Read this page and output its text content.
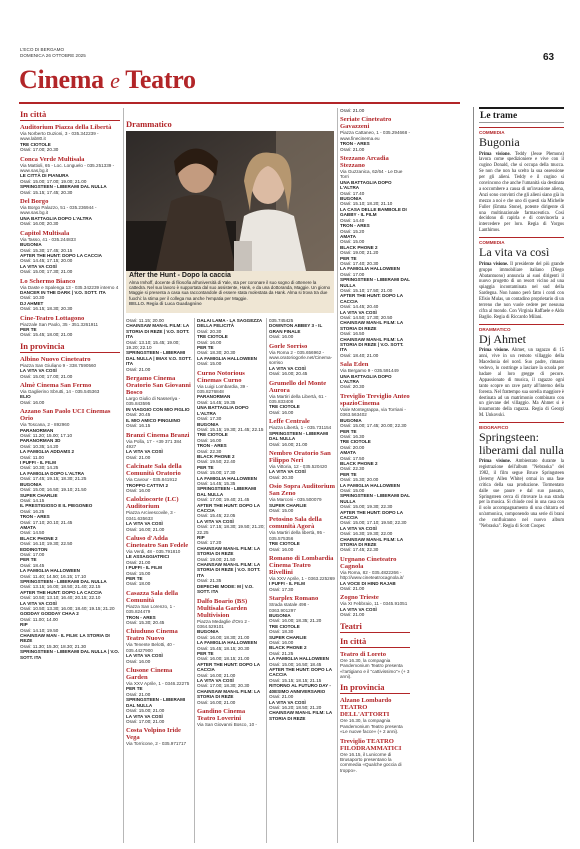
L'ECO DI BERGAMO
DOMENICA 26 OTTOBRE 2025	63
Cinema e Teatro
In città
Auditorium Piazza della Libertà
Via Norberto Duzioni, 3 - 035.342239 - www.lab80.it
TRE CIOTOLE
Orari: 17.00; 20.30
Conca Verde Multisala
Via Mattioli, 65 - Loc. Longuelo - 035.251339 - www.sas.bg.it
LE CITTÀ DI PIANURA
Orari: 15.00; 17.00; 19.00; 21.00
SPRINGSTEEN - LIBERAMI DAL NULLA
Orari: 15.15; 17.45; 20.30
Del Borgo
Via Borgo Palazzo, 51 - 035.236944 - www.sas.bg.it
UNA BATTAGLIA DOPO L'ALTRA
Orari: 16.00; 20.30
Capitol Multisala
Via Tasso, 41 - 035.244833
BUGONIA
Orari: 15.30; 17.45; 20.15
AFTER THE HUNT: DOPO LA CACCIA
Orari: 14.45; 17.15; 20.00
LA VITA VA COSÌ
Orari: 15.00; 17.30; 21.00
Lo Schermo Bianco
Via Daste e Spalenga 13 - 035.342239 interno 4
DANCER IN THE DARK | V.O. SOTT. ITA
Orari: 10.30
DJ AHMET
Orari: 16.15; 18.30; 20.30
Cine-Teatro Lottagono
Piazzale San Paolo, 35 - 351.3261911
PER TE
Orari: 15.45; 18.00; 21.00
In provincia
Albino Nuovo Cineteatro
Piazza San Giuliano 9 - 338.7590560
LA VITA VA COSÌ
Orari: 15.00; 17.00; 21.00
Almè Cinema San Fermo
Via Gaglierino Sbrutti, 14 - 035.545363
ELIO
Orari: 16.00
Azzano San Paolo UCI Cinemas Orio
Via Toscana, 2 - 892960
PARANORMAN
Orari: 11.20; 15.00; 17.10
PARANORMAN 3D
Orari: 10.35; 14.20
LA FAMIGLIA ADDAMS 2
Orari: 11.00
I PUFFI - IL FILM
Orari: 10.30; 14.25
LA FAMIGLIA DOPO L'ALTRA
Orari: 17.45; 19.15; 18.30; 21.25
BUGONIA
Orari: 15.00; 16.50; 19.10; 21.50
SUPER CHARLIE
Orari: 14.15
IL PRESTIGIOSO E IL PIEGONEO
Orari: 16.25
TRON - ARES
Orari: 17.10; 20.10; 21.45
AMATA
Orari: 14.50
BLACK PHONE 2
Orari: 16.10; 19.30; 22.50
EDDINGTON
Orari: 17.00
PER TE
Orari: 18.45
LA FAMIGLIA HALLOWEEN
Orari: 11.40; 14.50; 16.15; 17.10
SPRINGSTEEN - LIBERAMI DAL NULLA
Orari: 13.15; 16.00; 18.50; 21.40; 22.15
AFTER THE HUNT: DOPO LA CACCIA
Orari: 10.50; 13.10; 16.40; 20.15; 22.10
LA VITA VA COSÌ
Orari: 10.50; 13.30; 16.00; 18.40; 19.15; 21.20
GODDAY GODDAY CHAA 2
Orari: 11.00; 14.00
RIP
Orari: 14.10; 19.50
CHAINSAW MAN - IL FILM: LA STORIA DI REZE
Orari: 11.30; 15.30; 18.30; 21.30
SPRINGSTEEN - LIBERAMI DAL NULLA | V.O. SOTT. ITA
Drammatico
After the Hunt - Dopo la caccia
Alma Imhoff, docente di filosofia all'università di Yale, sta per coronare il suo sogno di ottenere la cattedra. Nel suo lavoro è supportata dal suo assistente, Hank, e da una dottoranda, Maggie. Un giorno Maggie si presenta a casa sua raccontandole di essere stata molestata da Hank. Alma si trova tra due fuochi: la stima per il collega ma anche l'empatia per Maggie.
BELLO. Regia di Luca Guadagnino
Orari: 11.15; 20.00
CHAINSAW MAN-IL FILM: LA STORIA DI REZE | V.O. SOTT. ITA
Orari: 13.10; 15.45; 19.00; 19.20; 22.10
SPRINGSTEEN - LIBERAMI DAL NULLA | IMAX V.O. SOTT. ITA
Orari: 21.00
Bergamo Cinema Oratorio San Giovanni Bosco
Largo Giulio di Nasseriya - 035.843595
IN VIAGGIO CON MIO FIGLIO
Orari: 20.45
IL MIO AMICO PINGUINO
Orari: 16.15
Branzi Cinema Branzi
Via Polla, 17 - +39 371 384 4927
LA VITA VA COSÌ
Orari: 21.00
Calcinate Sala della Comunità Oratorio
Via Cavour - 035.841912
TROPPO CATTIVI 2
Orari: 16.00
Calolziocorte (LC) Auditorium
Piazza Arcivescovile, 3 - 0341.635633
LA VITA VA COSÌ
Orari: 16.00; 21.00
Caluso d'Adda Cineteatro San Fedele
Via Verdi, 48 - 035.791810
LE ASSAGGIATRICI
Orari: 21.00
I PUFFI - IL FILM
Orari: 15.00
PER TE
Orari: 18.00
Casazza Sala della Comunità
Piazza San Lorenzo, 1 - 035.824479
TRON - ARES
Orari: 15.30; 20.45
Chiuduno Cinema Teatro Nuovo
Via Tenente Belotti, 40 - 035.4427900
LA VITA VA COSÌ
Orari: 16.00
Clusone Cinema Garden
Via XXV Aprile, 1 - 0346.22275
PER TE
Orari: 21.00
SPRINGSTEEN - LIBERAMI DAL NULLA
Orari: 15.00; 21.00
LA VITA VA COSÌ
Orari: 17.00; 21.00
Costa Volpino Iride Vega
Via Torricone, 2 - 035.971717
DALAI LAMA - LA SAGGEZZA DELLA FELICITÀ
Orari: 20.30
TRE CIOTOLE
Orari: 16.00
PER TE
Orari: 18.30; 20.30
LA FAMIGLIA HALLOWEEN
Orari: 15.00
Curno Notorious Cinemas Curno
Via Luigi Lombardia, 39 - 035.8276848
PARANORMAN
Orari: 14.45; 19.35
UNA BATTAGLIA DOPO L'ALTRA
Orari: 17.30
BUGONIA
Orari: 15.15; 19.30; 21.45; 22.15
TRE CIOTOLE
Orari: 16.00
TRON - ARES
Orari: 22.30
BLACK PHONE 2
Orari: 19.50; 22.40
PER TE
Orari: 15.00; 17.30
LA FAMIGLIA HALLOWEEN
Orari: 14.45; 15.35
SPRINGSTEEN - LIBERAMI DAL NULLA
Orari: 17.00; 19.40; 21.45
AFTER THE HUNT: DOPO LA CACCIA
Orari: 15.45; 22.05
LA VITA VA COSÌ
Orari: 17.15; 18.30; 19.50; 21.20; 22.25
RIP
Orari: 17.20
CHAINSAW MAN-IL FILM: LA STORIA DI REZE
Orari: 19.00; 21.50
CHAINSAW MAN-IL FILM: LA STORIA DI REZE | V.O. SOTT. ITA
Orari: 21.35
DEPECHE MODE: M | V.O. SOTT. ITA
Dalfo Boario (BS) Multisala Garden Multivision
Piazza Medaglie d'Oro 2 - 0364.529101
BUGONIA
Orari: 16.00; 18.30; 21.00
LA FAMIGLIA HALLOWEEN
Orari: 15.45; 18.15; 20.30
PER TE
Orari: 16.00; 18.15; 21.00
AFTER THE HUNT: DOPO LA CACCIA
Orari: 16.00; 21.00
LA VITA VA COSÌ
Orari: 17.00; 18.30; 20.30
CHAINSAW MAN-IL FILM: LA STORIA DI REZE
Orari: 16.00; 21.00
Gandino Cinema Teatro Loverini
Via San Giovanni Bosco, 10 -
035.745425
DOWNTON ABBEY 3 - IL GRAN FINALE
Orari: 16.00
Gorle Sorriso
Via Roma 2 - 035.656962 - www.oratoriogorle.net/Cinema-sorriso
LA VITA VA COSÌ
Orari: 16.00; 20.45
Grumello del Monte Aurora
Via Martiri della Libertà, 61 - 035.833408
TRE CIOTOLE
Orari: 16.00
Leffe Centrale
Piazza Libertà, 1 - 035.731154
SPRINGSTEEN - LIBERAMI DAL NULLA
Orari: 16.00; 21.00
Nembro Oratorio San Filippo Neri
Via Vittoria, 12 - 035.520420
LA VITA VA COSÌ
Orari: 20.30
Osio Sopra Auditorium San Zeno
Via Marconi - 035.500079
SUPER CHARLIE
Orari: 15.00
Petosino Sala della comunità Agorà
Via Martiri della libertà, 95 - 035.575356
TRE CIOTOLE
Orari: 16.00
Romano di Lombardia Cinema Teatro Rivellini
Via XXV Aprile, 1 - 0363.225269
I PUFFI - IL FILM
Orari: 17.30
Starplex Romano
Strada statale 498 - 0363.901297
BUGONIA
Orari: 16.00; 18.35; 21.20
TRE CIOTOLE
Orari: 18.30
SUPER CHARLIE
Orari: 16.00
BLACK PHONE 2
Orari: 21.25
LA FAMIGLIA HALLOWEEN
Orari: 15.00; 16.50; 18.45
AFTER THE HUNT: DOPO LA CACCIA
Orari: 15.15; 18.15; 21.15
RITORNO AL FUTURO DAY - 40ESIMO ANNIVERSARIO
Orari: 21.00
LA VITA VA COSÌ
Orari: 16.20; 18.50; 21.20
CHAINSAW MAN-IL FILM: LA STORIA DI REZE
Orari: 21.00
Seriate Cineteatro Gavazzeni
Piazza Cattaneo, 1 - 035.294668 - www.finecinema.eu
TRON - ARES
Orari: 21.00
Stezzano Arcadia Stezzano
Via Guzzanica, 62/64 - Le Due Torri
UNA BATTAGLIA DOPO L'ALTRA
Orari: 17.40
BUGONIA
Orari: 15.10; 18.20; 21.10
LA CASA DELLE BAMBOLE DI GABBY - IL FILM
Orari: 14.40
TRON - ARES
Orari: 15.20
AMATA
Orari: 15.00
BLACK PHONE 2
Orari: 19.00; 21.20
PER TE
Orari: 17.40; 20.30
LA FAMIGLIA HALLOWEEN
Orari: 17.00
SPRINGSTEEN - LIBERAMI DAL NULLA
Orari: 15.10; 17.50; 21.00
AFTER THE HUNT: DOPO LA CACCIA
Orari: 14.45; 20.40
LA VITA VA COSÌ
Orari: 14.50; 17.30; 20.50
CHAINSAW MAN-IL FILM: LA STORIA DI REZE
Orari: 16.50
CHAINSAW MAN-IL FILM: LA STORIA DI REZE | V.O. SOTT. ITA
Orari: 18.40; 21.00
Sala Eden
Via Bergamo 9 - 035.591449
UNA BATTAGLIA DOPO L'ALTRA
Orari: 20.30
Treviglio Treviglio Anteo spazioCinema
Viale Montegrappa, via Torriani - 0363.563402
BUGONIA
Orari: 15.00; 17.45; 20.00; 22.30
PER TE
Orari: 16.30
TRE CIOTOLE
Orari: 20.00
AMATA
Orari: 17.50
BLACK PHONE 2
Orari: 22.30
PER TE
Orari: 15.30; 20.00
LA FAMIGLIA HALLOWEEN
Orari: 15.00
SPRINGSTEEN - LIBERAMI DAL NULLA
Orari: 15.00; 19.30; 22.30
AFTER THE HUNT: DOPO LA CACCIA
Orari: 15.00; 17.10; 19.50; 22.30
LA VITA VA COSÌ
Orari: 16.30; 19.30; 22.00
CHAINSAW MAN-IL FILM: LA STORIA DI REZE
Orari: 17.45; 22.30
Urgnano Cineteatro Cagnola
Via Roma, 82 - 035.4822266 - http://www.cineteatrocagnola.it/
LA VOCE DI HIND RAJAB
Orari: 21.00
Zogno Trieste
Via XI Febbraio, 11 - 0345.91051
LA VITA VA COSÌ
Orari: 21.00
Teatri
In città
Teatro di Loreto
Ore 16.30, la compagnia Pandemonium Teatro presenta «l'artigiano e il "cattivissimo"» (+ 3 anni).
In provincia
Alzano Lombardo TEATRO DELL'ATTORTI
Ore 16.30, la compagnia Pandemonium Teatro presenta «Le nuove facce» (+ 2 anni).
Treviglio TEATRO FILODRAMMATICI
Ore 16.15, il Lunicorne di Brusaporto presentano la commedia «Qualche goccia di troppo».
Le trame
COMMEDIA
Bugonia
Prima visione. Teddy (Jesse Plemons) lavora come spedizioniere e vive con il cugino Donald, che si occupa della mucca. Se non che non ha scelto la sua ossessione per gli alieni. Teddy e il cugino si convincono che anche l'umanità sia destinata a soccombere a causa di un'invasione aliena, Anzi sono convinti che gli alieni siano già in mezzo a noi e che uno di questi sia Michelle Fuller (Emma Stone), potente dirigente di una multinazionale farmaceutica. Così decidono di rapirla e di convincerla a intercedere per loro. Regia di Yorgos Lanthimos.
COMMEDIA
La vita va così
Prima visione. Il presidente del più grande gruppo immobiliare italiano (Diego Abatantuono) annuncia ai suoi dirigenti il nuovo progetto di un resort vicino ad una spiaggia incontaminata nel sud della Sardegna. Non hanno però fatto i conti con Efisio Mulas, un contadino proprietario di un terreno che non vuole cedere per nessuna cifra al mondo. Con Virginia Raffaele e Aldo Baglio. Regia di Riccardo Milani.
DRAMMATICO
Dj Ahmet
Prima visione. Ahmet, un ragazzo di 15 anni, vive in un remoto villaggio della Macedonia del nord. Suo padre, rimasto vedovo, lo costringe a lasciare la scuola per badare al loro gregge di pecore. Appassionato di musica, il ragazzo ogni tanto scopre un rave party all'interno della foresta. Nel frattempo sua sorella maggiore è destinata ad un matrimonio combinato con un giovane del villaggio. Ma Ahmet si è innamorato della ragazza. Regia di Georgi M. Unkovski.
BIOGRAFICO
Springsteen: liberami dal nulla
Prima visione. Ambientato durante la registrazione dell'album "Nebraska" del 1982, il film segue Bruce Springsteen (Jeremy Allen White) ormai in una fase critica della sua produzione. Tormentato dalle sue paure e dal suo passato, Springsteen cerca di ritrovare la sua strada per la musica. Si chiude così in una casa con il solo accompagnamento di una chitarra ed un'armonica, componendo una serie di brani che confluiranno nel nuovo album "Nebraska". Regia di Scott Cooper.
